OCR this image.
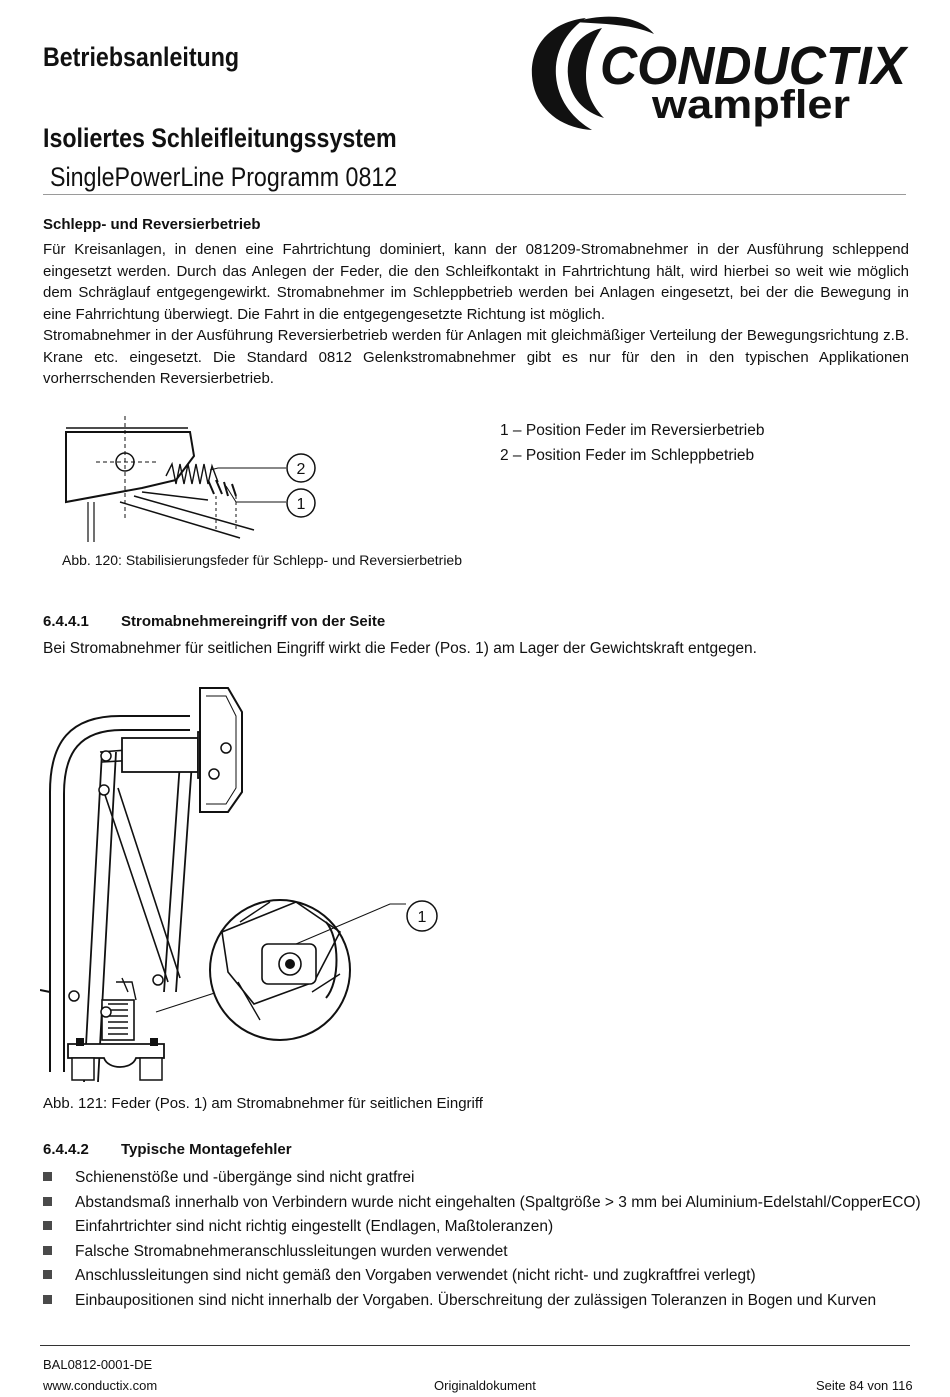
Betriebsanleitung	CONDUCTIX
wampfler
Isoliertes Schleifleitungssystem
SinglePowerLine Programm 0812
Schlepp- und Reversierbetrieb

Für Kreisanlagen, in denen eine Fahrtrichtung dominiert, kann der 081209-Stromabnehmer in der Ausführung schleppend eingesetzt werden. Durch das Anlegen der Feder, die den Schleifkontakt in Fahrtrichtung hält, wird hierbei so weit wie möglich dem Schräglauf entgegengewirkt. Stromabnehmer im Schleppbetrieb werden bei Anlagen eingesetzt, bei der die Bewegung in eine Fahrrichtung überwiegt. Die Fahrt in die entgegengesetzte Richtung ist möglich.

Stromabnehmer in der Ausführung Reversierbetrieb werden für Anlagen mit gleichmäßiger Verteilung der Bewegungsrichtung z.B. Krane etc. eingesetzt. Die Standard 0812 Gelenkstromabnehmer gibt es nur für den in den typischen Applikationen vorherrschenden Reversierbetrieb.

2
1
1 – Position Feder im Reversierbetrieb
2 – Position Feder im Schleppbetrieb
Abb. 120: Stabilisierungsfeder für Schlepp- und Reversierbetrieb
6.4.4.1 Stromabnehmereingriff von der Seite
Bei Stromabnehmer für seitlichen Eingriff wirkt die Feder (Pos. 1) am Lager der Gewichtskraft entgegen.
1
Abb. 121: Feder (Pos. 1) am Stromabnehmer für seitlichen Eingriff
6.4.4.2 Typische Montagefehler
Schienenstöße und -übergänge sind nicht gratfrei
Abstandsmaß innerhalb von Verbindern wurde nicht eingehalten (Spaltgröße > 3 mm bei Aluminium-Edelstahl/CopperECO)
Einfahrtrichter sind nicht richtig eingestellt (Endlagen, Maßtoleranzen)
Falsche Stromabnehmeranschlussleitungen wurden verwendet
Anschlussleitungen sind nicht gemäß den Vorgaben verwendet (nicht richt- und zugkraftfrei verlegt)
Einbaupositionen sind nicht innerhalb der Vorgaben. Überschreitung der zulässigen Toleranzen in Bogen und Kurven
BAL0812-0001-DE
www.conductix.com	Originaldokument	Seite 84 von 116
